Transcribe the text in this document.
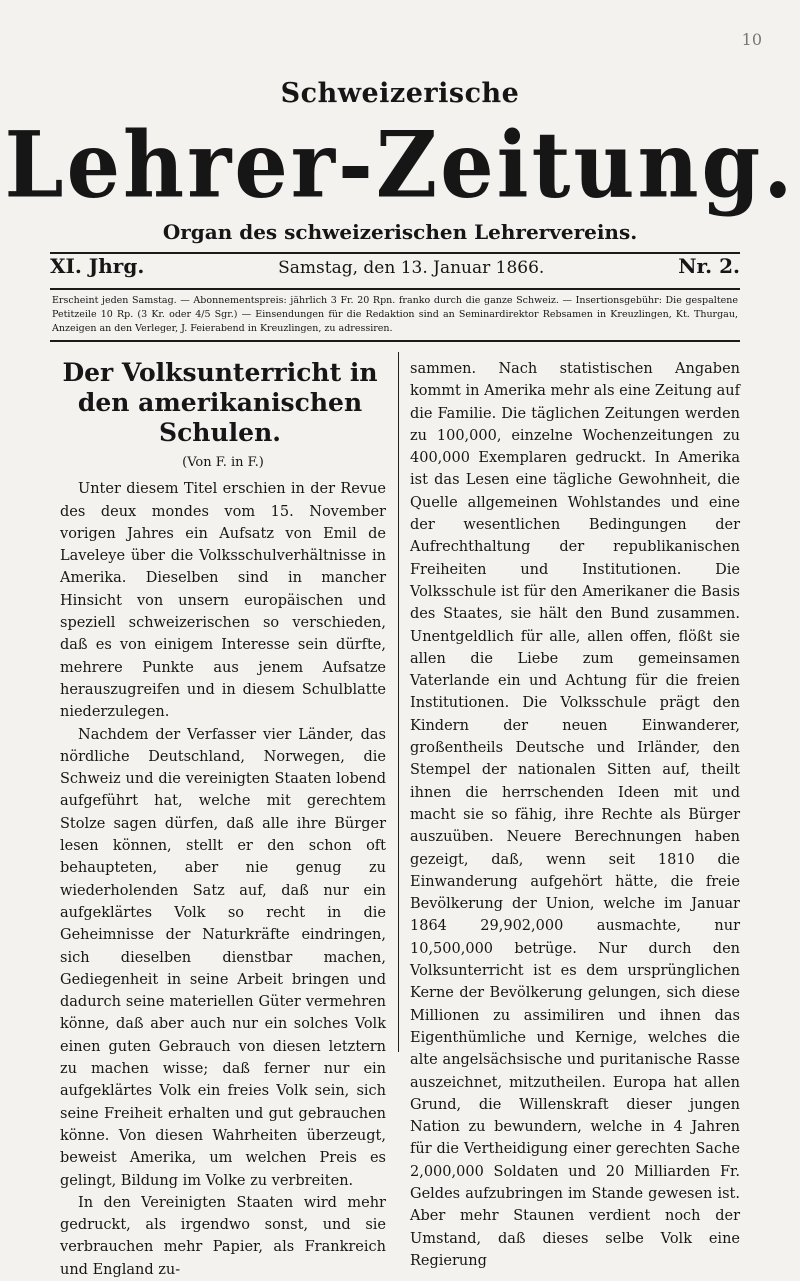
10
Schweizerische
Lehrer-Zeitung.
Organ des schweizerischen Lehrervereins.
XI. Jhrg.	Samstag, den 13. Januar 1866.	Nr. 2.
Erscheint jeden Samstag. — Abonnementspreis: jährlich 3 Fr. 20 Rpn. franko durch die ganze Schweiz. — Insertionsgebühr: Die gespaltene Petitzeile 10 Rp. (3 Kr. oder 4/5 Sgr.) — Einsendungen für die Redaktion sind an Seminardirektor Rebsamen in Kreuzlingen, Kt. Thurgau, Anzeigen an den Verleger, J. Feierabend in Kreuzlingen, zu adressiren.
Der Volksunterricht in den amerikanischen Schulen.
(Von F. in F.)

Unter diesem Titel erschien in der Revue des deux mondes vom 15. November vorigen Jahres ein Aufsatz von Emil de Laveleye über die Volksschulverhältnisse in Amerika. Dieselben sind in mancher Hinsicht von unsern europäischen und speziell schweizerischen so verschieden, daß es von einigem Interesse sein dürfte, mehrere Punkte aus jenem Aufsatze herauszugreifen und in diesem Schulblatte niederzulegen.

Nachdem der Verfasser vier Länder, das nördliche Deutschland, Norwegen, die Schweiz und die vereinigten Staaten lobend aufgeführt hat, welche mit gerechtem Stolze sagen dürfen, daß alle ihre Bürger lesen können, stellt er den schon oft behaupteten, aber nie genug zu wiederholenden Satz auf, daß nur ein aufgeklärtes Volk so recht in die Geheimnisse der Naturkräfte eindringen, sich dieselben dienstbar machen, Gediegenheit in seine Arbeit bringen und dadurch seine materiellen Güter vermehren könne, daß aber auch nur ein solches Volk einen guten Gebrauch von diesen letztern zu machen wisse; daß ferner nur ein aufgeklärtes Volk ein freies Volk sein, sich seine Freiheit erhalten und gut gebrauchen könne. Von diesen Wahrheiten überzeugt, beweist Amerika, um welchen Preis es gelingt, Bildung im Volke zu verbreiten.

In den Vereinigten Staaten wird mehr gedruckt, als irgendwo sonst, und sie verbrauchen mehr Papier, als Frankreich und England zu-

sammen. Nach statistischen Angaben kommt in Amerika mehr als eine Zeitung auf die Familie. Die täglichen Zeitungen werden zu 100,000, einzelne Wochenzeitungen zu 400,000 Exemplaren gedruckt. In Amerika ist das Lesen eine tägliche Gewohnheit, die Quelle allgemeinen Wohlstandes und eine der wesentlichen Bedingungen der Aufrechthaltung der republikanischen Freiheiten und Institutionen. Die Volksschule ist für den Amerikaner die Basis des Staates, sie hält den Bund zusammen. Unentgeldlich für alle, allen offen, flößt sie allen die Liebe zum gemeinsamen Vaterlande ein und Achtung für die freien Institutionen. Die Volksschule prägt den Kindern der neuen Einwanderer, großentheils Deutsche und Irländer, den Stempel der nationalen Sitten auf, theilt ihnen die herrschenden Ideen mit und macht sie so fähig, ihre Rechte als Bürger auszuüben. Neuere Berechnungen haben gezeigt, daß, wenn seit 1810 die Einwanderung aufgehört hätte, die freie Bevölkerung der Union, welche im Januar 1864 29,902,000 ausmachte, nur 10,500,000 betrüge. Nur durch den Volksunterricht ist es dem ursprünglichen Kerne der Bevölkerung gelungen, sich diese Millionen zu assimiliren und ihnen das Eigenthümliche und Kernige, welches die alte angelsächsische und puritanische Rasse auszeichnet, mitzutheilen. Europa hat allen Grund, die Willenskraft dieser jungen Nation zu bewundern, welche in 4 Jahren für die Vertheidigung einer gerechten Sache 2,000,000 Soldaten und 20 Milliarden Fr. Geldes aufzubringen im Stande gewesen ist. Aber mehr Staunen verdient noch der Umstand, daß dieses selbe Volk eine Regierung
